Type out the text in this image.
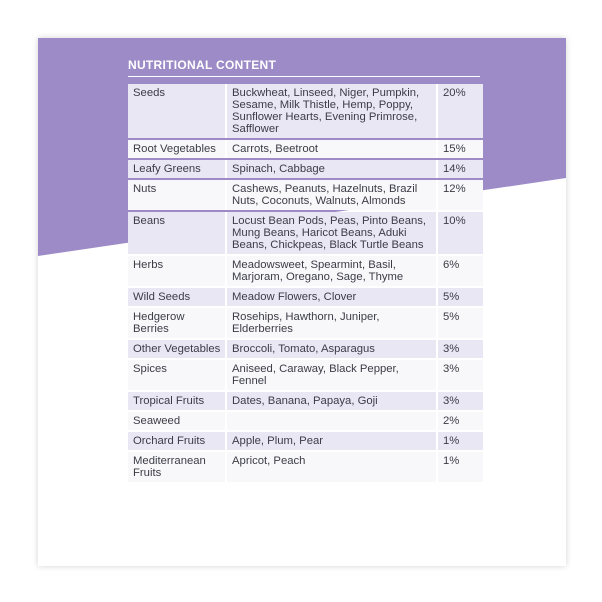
NUTRITIONAL CONTENT
Seeds	Buckwheat, Linseed, Niger, Pumpkin, Sesame, Milk Thistle, Hemp, Poppy, Sunflower Hearts, Evening Primrose, Safflower	20%
Root Vegetables	Carrots, Beetroot	15%
Leafy Greens	Spinach, Cabbage	14%
Nuts	Cashews, Peanuts, Hazelnuts, Brazil Nuts, Coconuts, Walnuts, Almonds	12%
Beans	Locust Bean Pods, Peas, Pinto Beans, Mung Beans, Haricot Beans, Aduki Beans, Chickpeas, Black Turtle Beans	10%
Herbs	Meadowsweet, Spearmint, Basil, Marjoram, Oregano, Sage, Thyme	6%
Wild Seeds	Meadow Flowers, Clover	5%
Hedgerow Berries	Rosehips, Hawthorn, Juniper, Elderberries	5%
Other Vegetables	Broccoli, Tomato, Asparagus	3%
Spices	Aniseed, Caraway, Black Pepper, Fennel	3%
Tropical Fruits	Dates, Banana, Papaya, Goji	3%
Seaweed		2%
Orchard Fruits	Apple, Plum, Pear	1%
Mediterranean Fruits	Apricot, Peach	1%
